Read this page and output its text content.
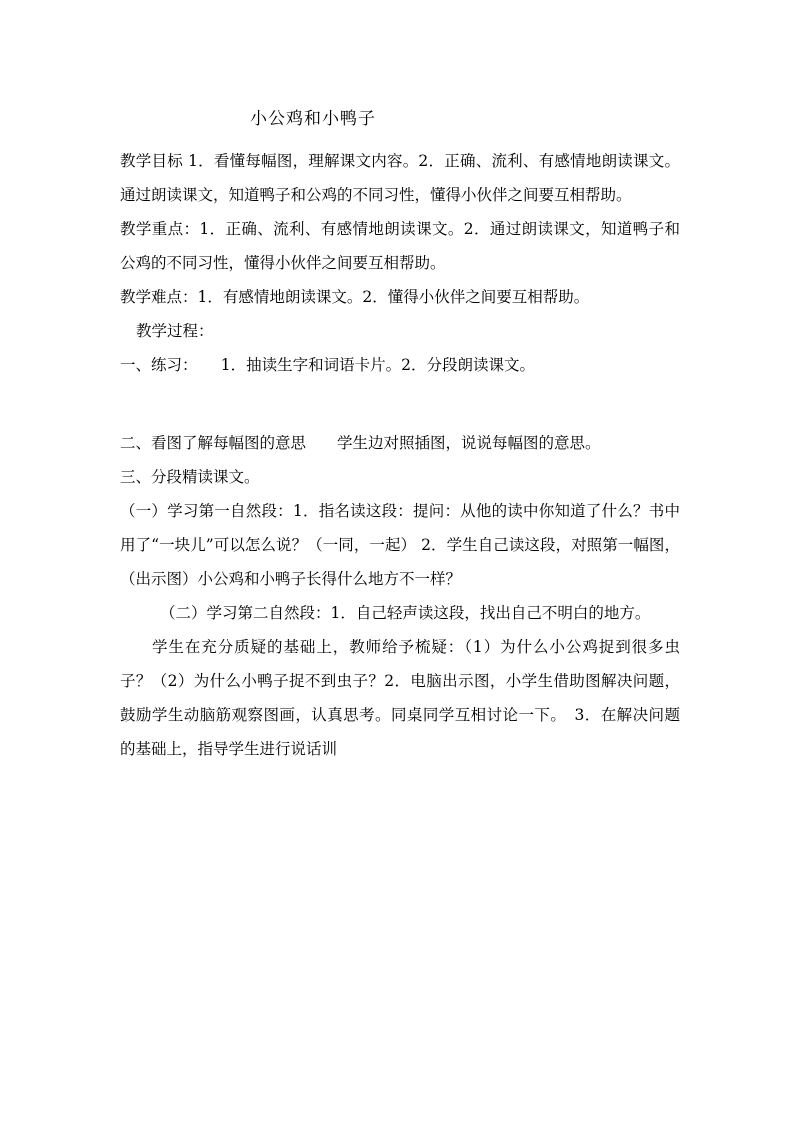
小公鸡和小鸭子

教学目标 1．看懂每幅图，理解课文内容。2．正确、流利、有感情地朗读课文。通过朗读课文，知道鸭子和公鸡的不同习性，懂得小伙伴之间要互相帮助。

教学重点：1．正确、流利、有感情地朗读课文。2．通过朗读课文，知道鸭子和公鸡的不同习性，懂得小伙伴之间要互相帮助。

教学难点：1．有感情地朗读课文。2．懂得小伙伴之间要互相帮助。

教学过程：

一、练习：　　1．抽读生字和词语卡片。2．分段朗读课文。

二、看图了解每幅图的意思　　学生边对照插图，说说每幅图的意思。

三、分段精读课文。

（一）学习第一自然段：1．指名读这段：提问：从他的读中你知道了什么？书中用了“一块儿”可以怎么说？（一同，一起） 2．学生自己读这段，对照第一幅图，（出示图）小公鸡和小鸭子长得什么地方不一样？

（二）学习第二自然段：1．自己轻声读这段，找出自己不明白的地方。

学生在充分质疑的基础上，教师给予梳疑：（1）为什么小公鸡捉到很多虫子？（2）为什么小鸭子捉不到虫子？2．电脑出示图，小学生借助图解决问题，鼓励学生动脑筋观察图画，认真思考。同桌同学互相讨论一下。　3．在解决问题的基础上，指导学生进行说话训
